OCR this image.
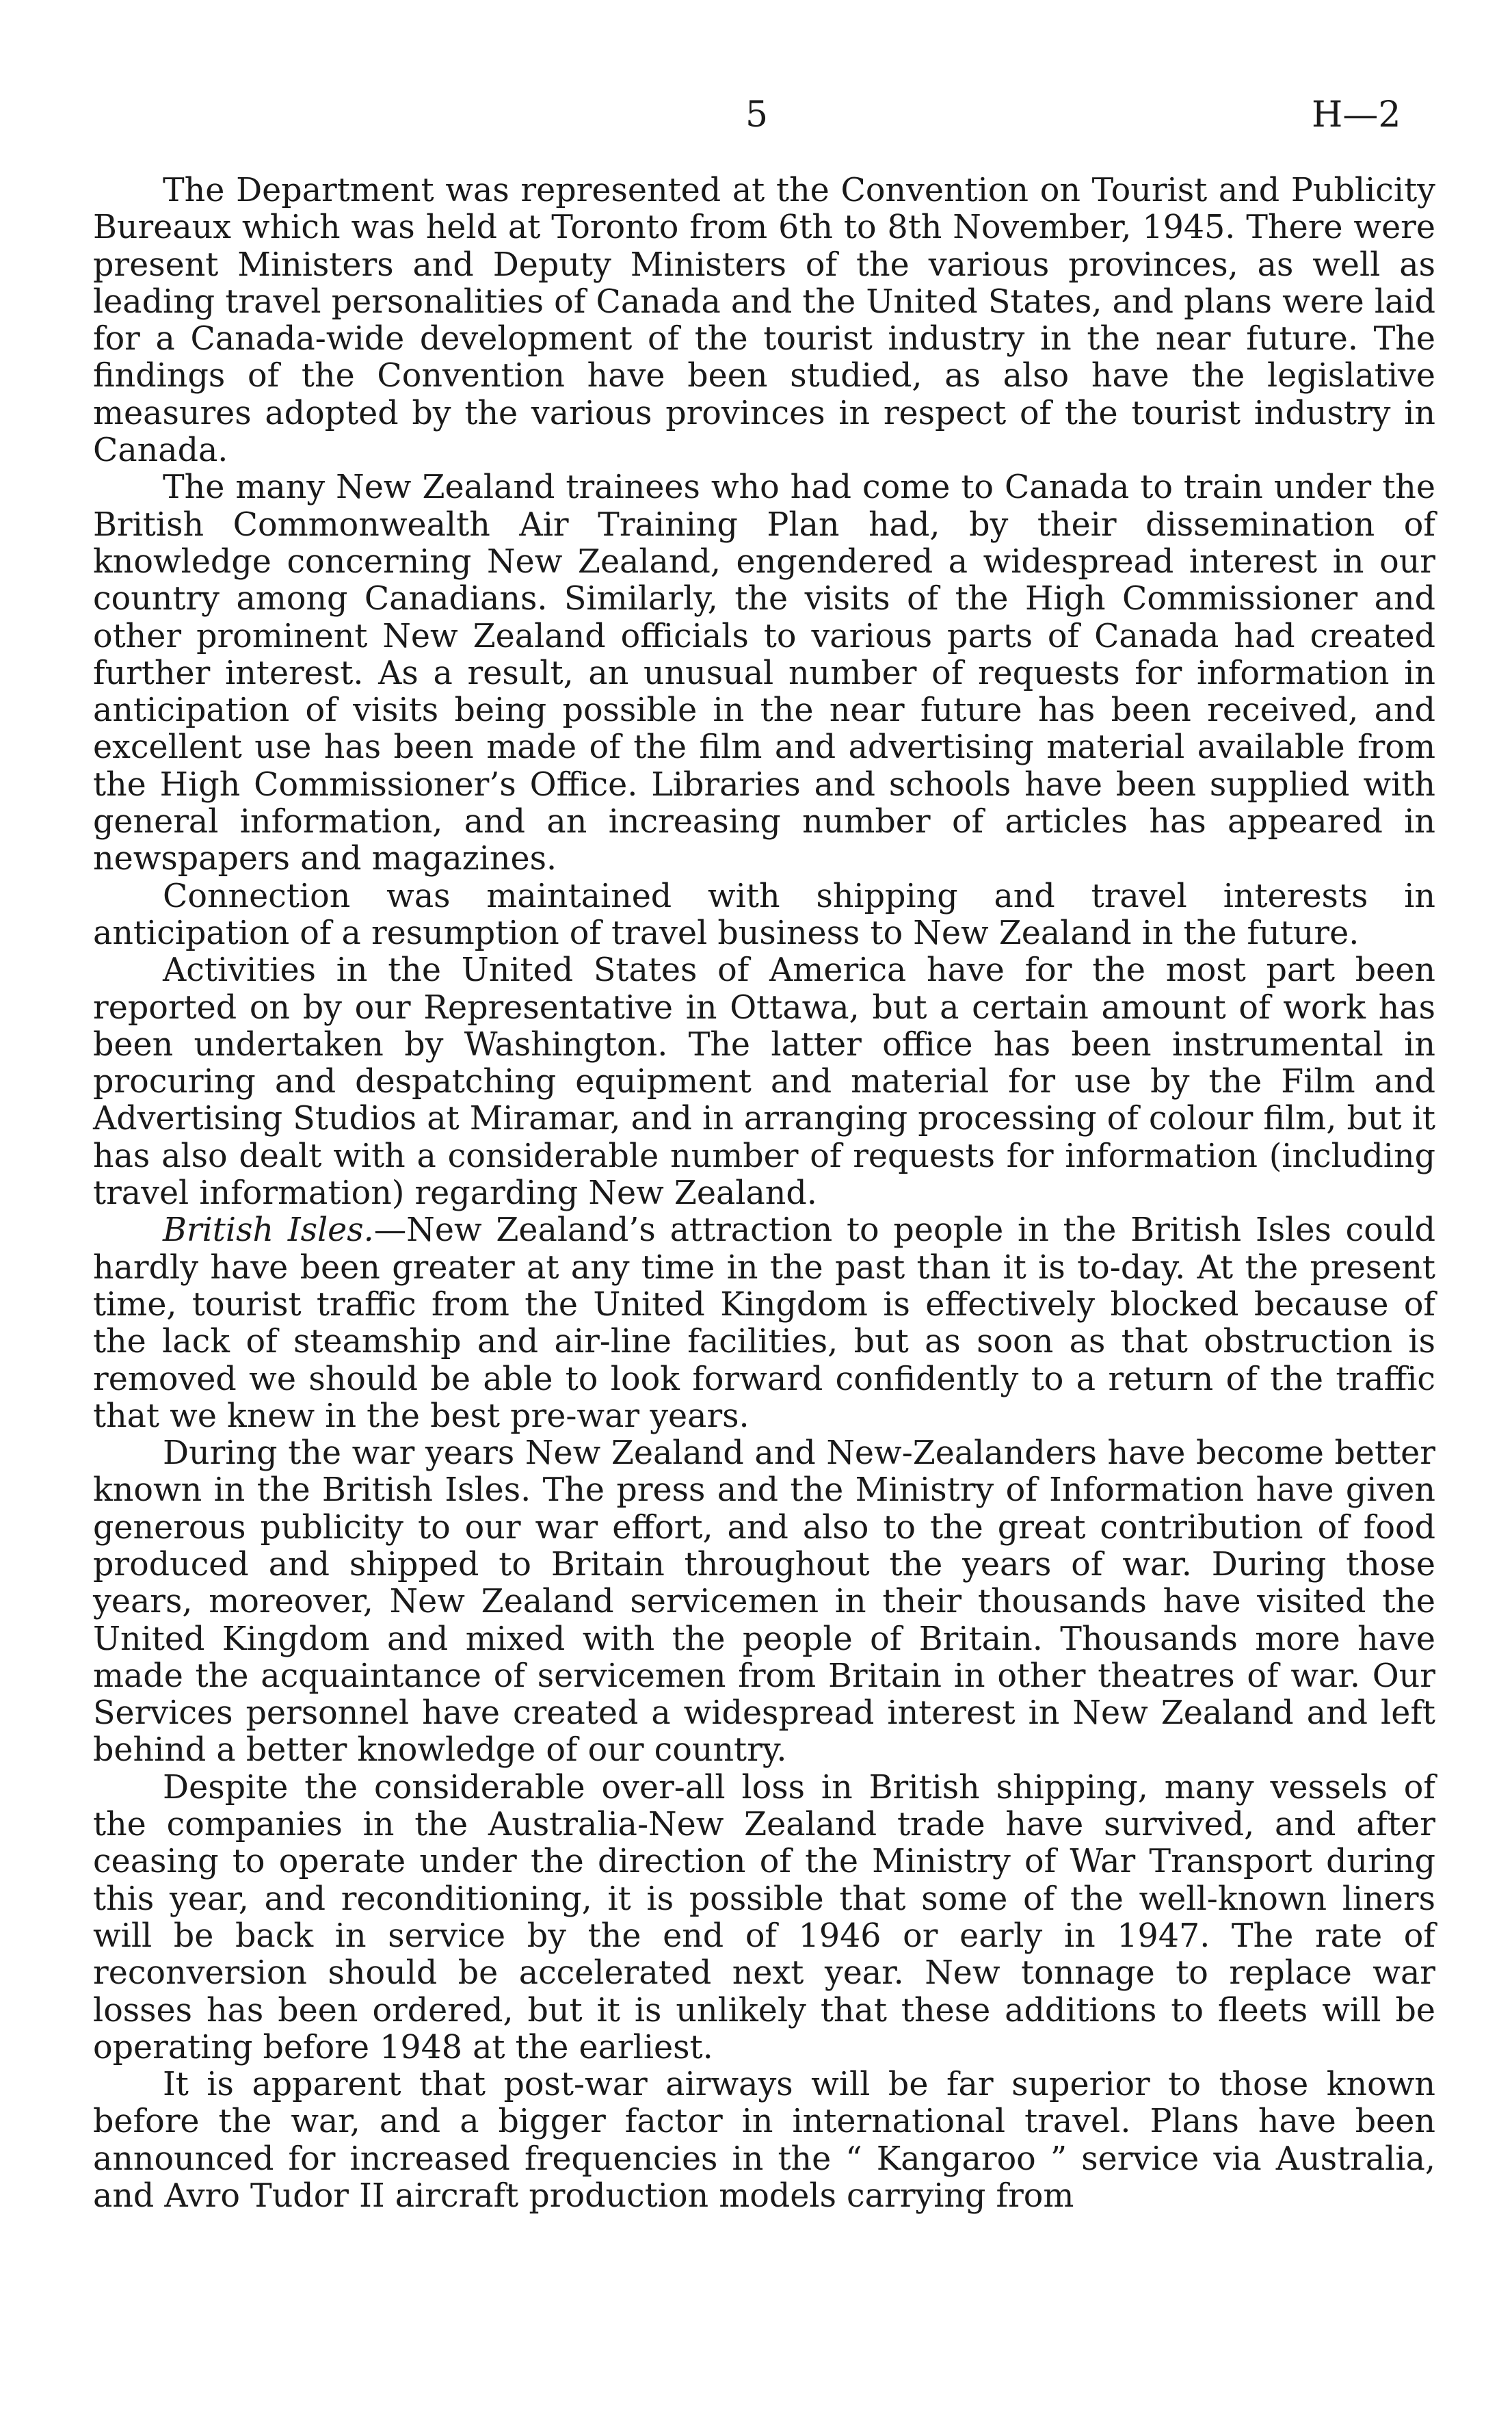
5	H—2

The Department was represented at the Convention on Tourist and Publicity Bureaux which was held at Toronto from 6th to 8th November, 1945. There were present Ministers and Deputy Ministers of the various provinces, as well as leading travel personalities of Canada and the United States, and plans were laid for a Canada-wide development of the tourist industry in the near future. The findings of the Convention have been studied, as also have the legislative measures adopted by the various provinces in respect of the tourist industry in Canada.

The many New Zealand trainees who had come to Canada to train under the British Commonwealth Air Training Plan had, by their dissemination of knowledge concerning New Zealand, engendered a widespread interest in our country among Canadians. Similarly, the visits of the High Commissioner and other prominent New Zealand officials to various parts of Canada had created further interest. As a result, an unusual number of requests for information in anticipation of visits being possible in the near future has been received, and excellent use has been made of the film and advertising material available from the High Commissioner’s Office. Libraries and schools have been supplied with general information, and an increasing number of articles has appeared in newspapers and magazines.

Connection was maintained with shipping and travel interests in anticipation of a resumption of travel business to New Zealand in the future.

Activities in the United States of America have for the most part been reported on by our Representative in Ottawa, but a certain amount of work has been undertaken by Washington. The latter office has been instrumental in procuring and despatching equipment and material for use by the Film and Advertising Studios at Miramar, and in arranging processing of colour film, but it has also dealt with a considerable number of requests for information (including travel information) regarding New Zealand.

British Isles.—New Zealand’s attraction to people in the British Isles could hardly have been greater at any time in the past than it is to-day. At the present time, tourist traffic from the United Kingdom is effectively blocked because of the lack of steamship and air-line facilities, but as soon as that obstruction is removed we should be able to look forward confidently to a return of the traffic that we knew in the best pre-war years.

During the war years New Zealand and New-Zealanders have become better known in the British Isles. The press and the Ministry of Information have given generous publicity to our war effort, and also to the great contribution of food produced and shipped to Britain throughout the years of war. During those years, moreover, New Zealand servicemen in their thousands have visited the United Kingdom and mixed with the people of Britain. Thousands more have made the acquaintance of servicemen from Britain in other theatres of war. Our Services personnel have created a widespread interest in New Zealand and left behind a better knowledge of our country.

Despite the considerable over-all loss in British shipping, many vessels of the companies in the Australia-New Zealand trade have survived, and after ceasing to operate under the direction of the Ministry of War Transport during this year, and reconditioning, it is possible that some of the well-known liners will be back in service by the end of 1946 or early in 1947. The rate of reconversion should be accelerated next year. New tonnage to replace war losses has been ordered, but it is unlikely that these additions to fleets will be operating before 1948 at the earliest.

It is apparent that post-war airways will be far superior to those known before the war, and a bigger factor in international travel. Plans have been announced for increased frequencies in the “ Kangaroo ” service via Australia, and Avro Tudor II aircraft production models carrying from
